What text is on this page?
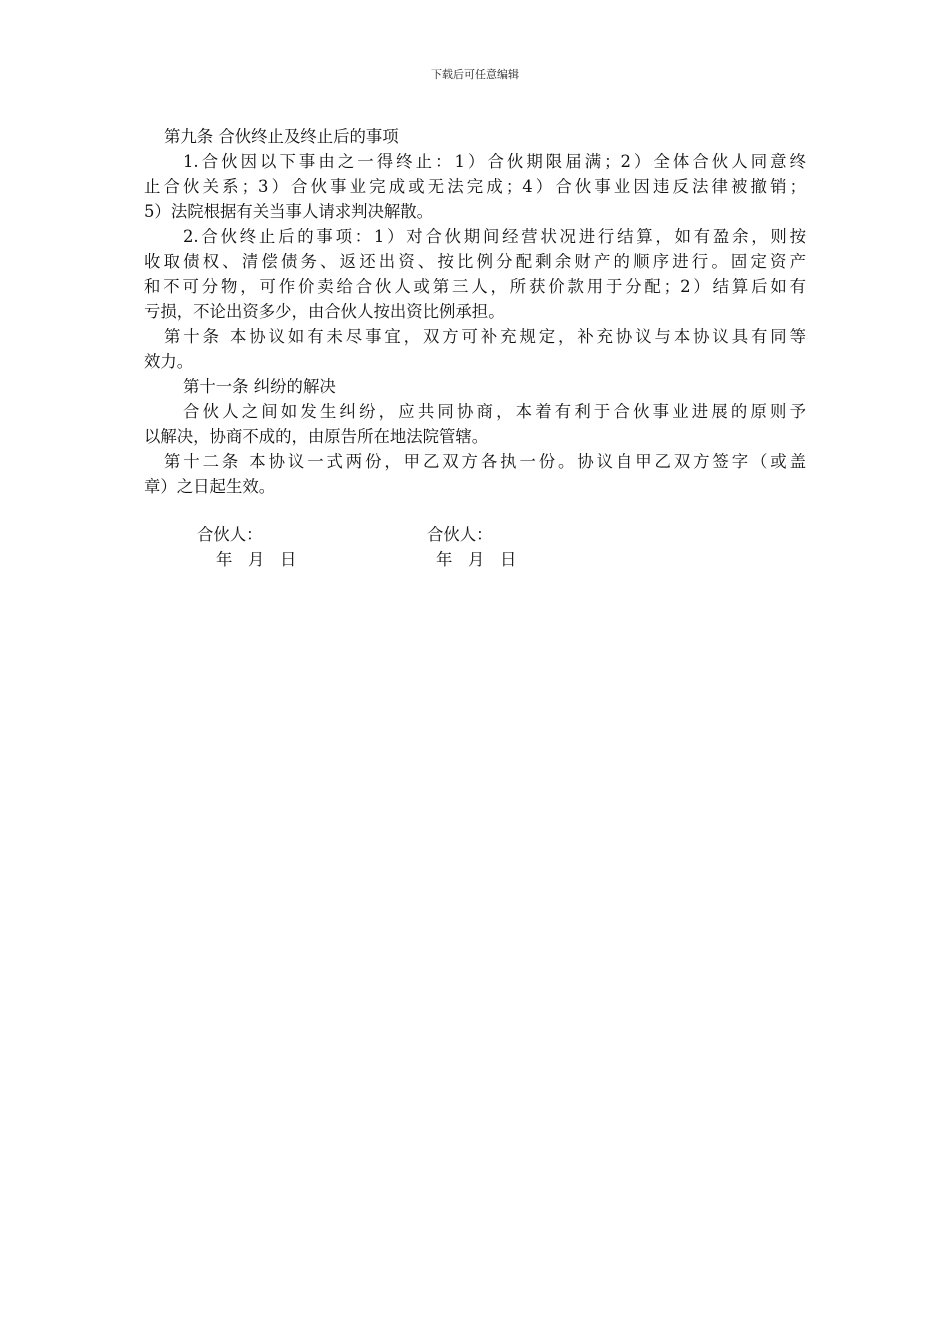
下载后可任意编辑
第九条 合伙终止及终止后的事项
1.合伙因以下事由之一得终止：1）合伙期限届满；2）全体合伙人同意终
止合伙关系；3）合伙事业完成或无法完成；4）合伙事业因违反法律被撤销；
5）法院根据有关当事人请求判决解散。
2.合伙终止后的事项：1）对合伙期间经营状况进行结算，如有盈余，则按
收取债权、清偿债务、返还出资、按比例分配剩余财产的顺序进行。固定资产
和不可分物，可作价卖给合伙人或第三人，所获价款用于分配；2）结算后如有
亏损，不论出资多少，由合伙人按出资比例承担。
第十条 本协议如有未尽事宜，双方可补充规定，补充协议与本协议具有同等
效力。
第十一条 纠纷的解决
合伙人之间如发生纠纷，应共同协商，本着有利于合伙事业进展的原则予
以解决，协商不成的，由原告所在地法院管辖。
第十二条 本协议一式两份，甲乙双方各执一份。协议自甲乙双方签字（或盖
章）之日起生效。
合伙人：
年   月   日
合伙人：
年   月   日
